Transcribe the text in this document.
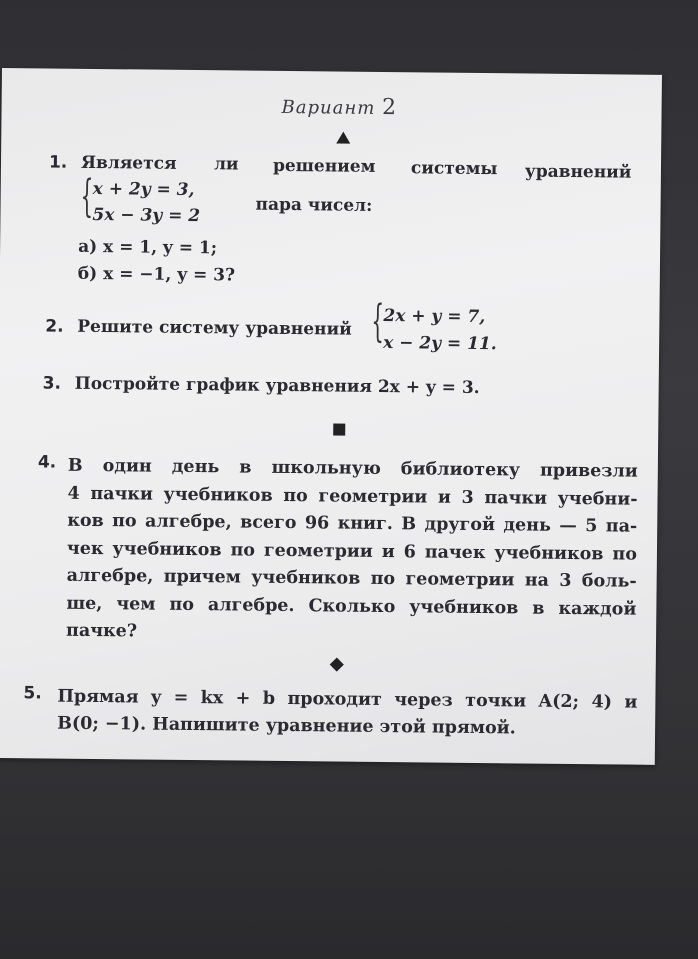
Вариант 2
1. Является ли решением системы уравнений
{ x + 2y = 3,
5x − 3y = 2	пара чисел:
а) x = 1, y = 1;
б) x = −1, y = 3?
2. Решите систему уравнений { 2x + y = 7,
x − 2y = 11.
3. Постройте график уравнения 2x + y = 3.
4. В один день в школьную библиотеку привезли
4 пачки учебников по геометрии и 3 пачки учебни-
ков по алгебре, всего 96 книг. В другой день — 5 па-
чек учебников по геометрии и 6 пачек учебников по
алгебре, причем учебников по геометрии на 3 боль-
ше, чем по алгебре. Сколько учебников в каждой
пачке?
5. Прямая y = kx + b проходит через точки A(2; 4) и
B(0; −1). Напишите уравнение этой прямой.
